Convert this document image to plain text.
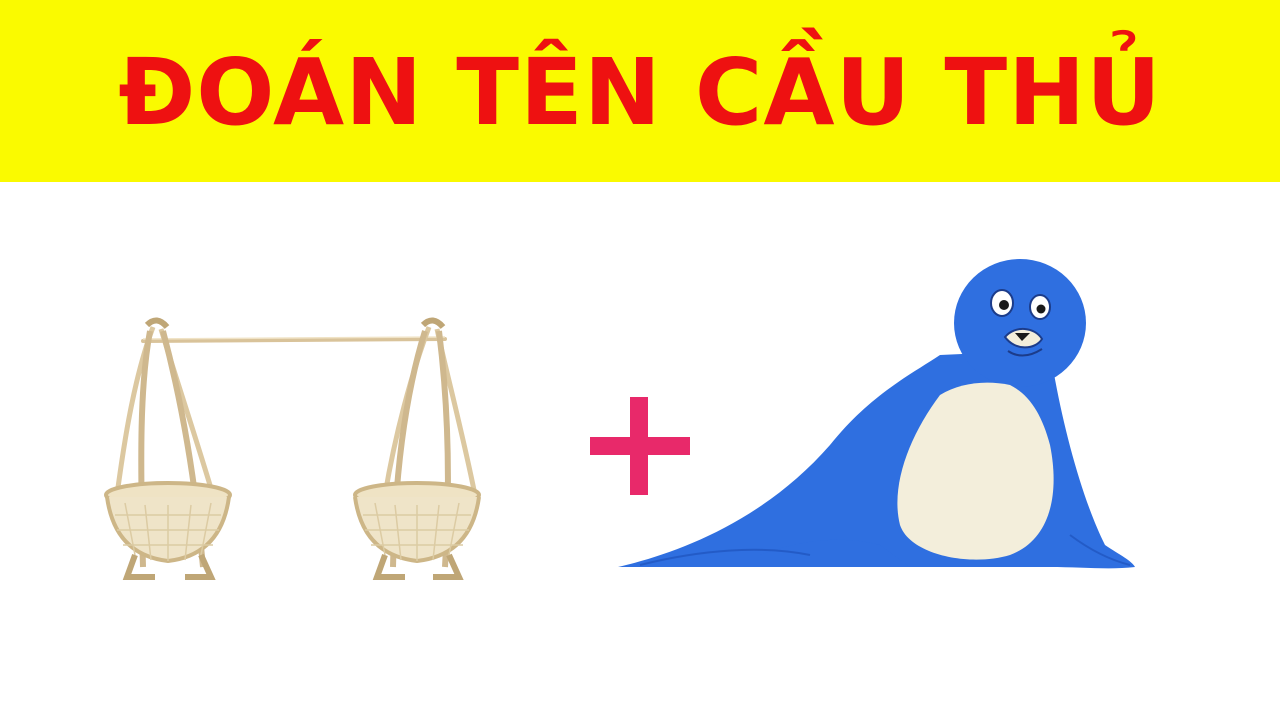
ĐOÁN TÊN CẦU THỦ
